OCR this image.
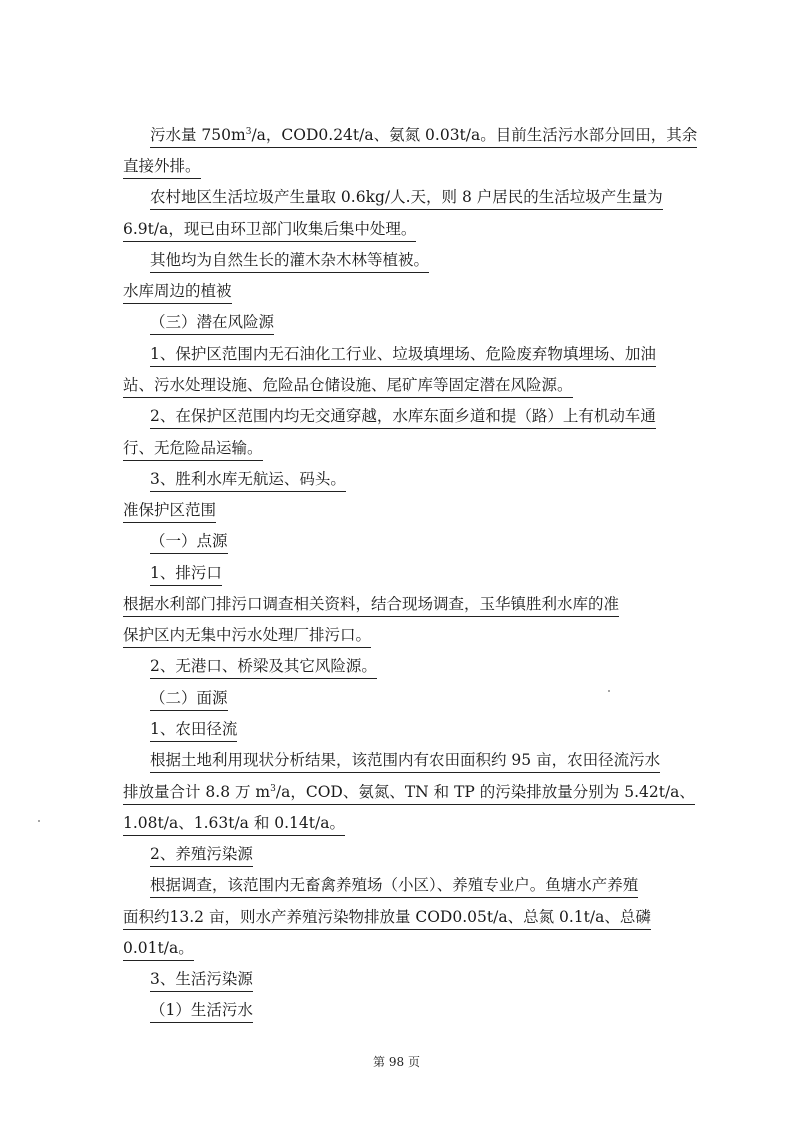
污水量 $750m^3/a$，COD0.24t/a、氨氮 0.03t/a。目前生活污水部分回田，其余
直接外排。
农村地区生活垃圾产生量取 0.6kg/人.天，则 8 户居民的生活垃圾产生量为
6.9t/a，现已由环卫部门收集后集中处理。
其他均为自然生长的灌木杂木林等植被。
水库周边的植被
（三）潜在风险源
1、保护区范围内无石油化工行业、垃圾填埋场、危险废弃物填埋场、加油
站、污水处理设施、危险品仓储设施、尾矿库等固定潜在风险源。
2、在保护区范围内均无交通穿越，水库东面乡道和提（路）上有机动车通
行、无危险品运输。
3、胜利水库无航运、码头。
准保护区范围
（一）点源
1、排污口
根据水利部门排污口调查相关资料，结合现场调查，玉华镇胜利水库的准
保护区内无集中污水处理厂排污口。
2、无港口、桥梁及其它风险源。
（二）面源
1、农田径流
根据土地利用现状分析结果，该范围内有农田面积约 95 亩，农田径流污水
排放量合计 8.8 万 $m^3/a$，COD、氨氮、TN 和 TP 的污染排放量分别为 5.42t/a、
1.08t/a、1.63t/a 和 0.14t/a。
2、养殖污染源
根据调查，该范围内无畜禽养殖场（小区）、养殖专业户。鱼塘水产养殖
面积约13.2 亩，则水产养殖污染物排放量 COD0.05t/a、总氮 0.1t/a、总磷
0.01t/a。
3、生活污染源
（1）生活污水
第 98 页
